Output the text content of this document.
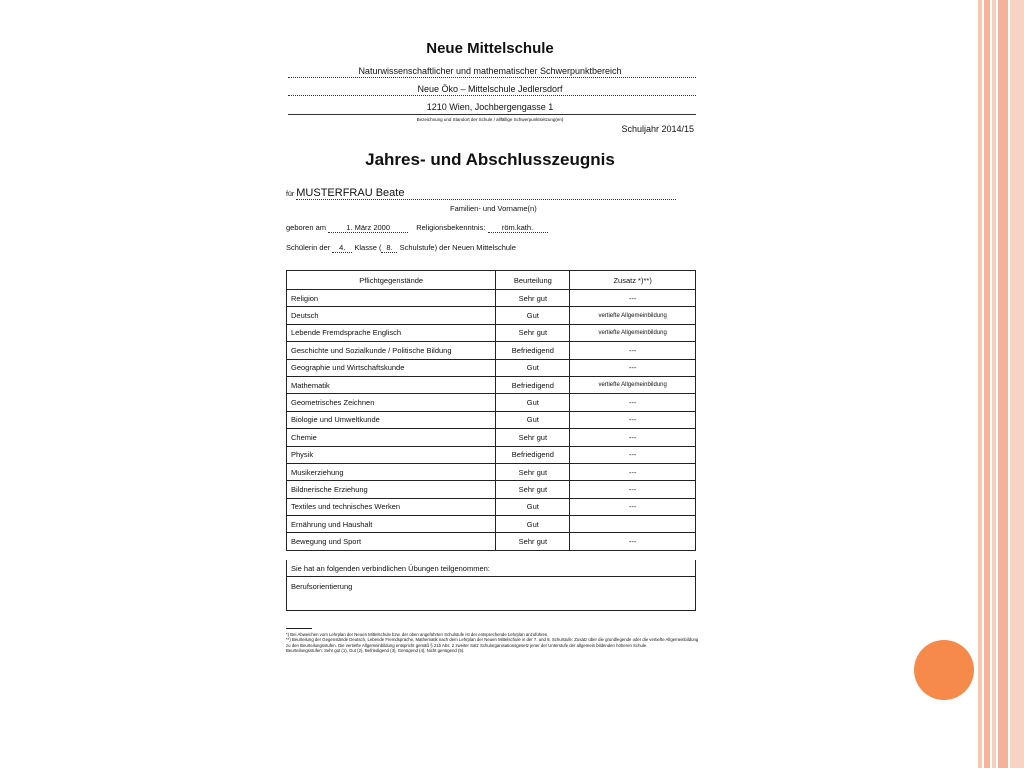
Neue Mittelschule
Naturwissenschaftlicher und mathematischer Schwerpunktbereich
Neue Öko – Mittelschule Jedlersdorf
1210 Wien, Jochbergengasse 1
Bezeichnung und Standort der Schule / allfällige Schwerpunktsetzung(en)
Schuljahr 2014/15
Jahres- und Abschlusszeugnis
für MUSTERFRAU Beate
Familien- und Vorname(n)
geboren am	1. März 2000	Religionsbekenntnis: röm.kath.
Schülerin der 4. Klasse ( 8. Schulstufe) der Neuen Mittelschule
Pflichtgegenstände	Beurteilung	Zusatz *)**)
Religion	Sehr gut	---
Deutsch	Gut	vertiefte Allgemeinbildung
Lebende Fremdsprache Englisch	Sehr gut	vertiefte Allgemeinbildung
Geschichte und Sozialkunde / Politische Bildung	Befriedigend	---
Geographie und Wirtschaftskunde	Gut	---
Mathematik	Befriedigend	vertiefte Allgemeinbildung
Geometrisches Zeichnen	Gut	---
Biologie und Umweltkunde	Gut	---
Chemie	Sehr gut	---
Physik	Befriedigend	---
Musikerziehung	Sehr gut	---
Bildnerische Erziehung	Sehr gut	---
Textiles und technisches Werken	Gut	---
Ernährung und Haushalt	Gut	
Bewegung und Sport	Sehr gut	---
Sie hat an folgenden verbindlichen Übungen teilgenommen:
Berufsorientierung
*) Bei Abweichen vom Lehrplan der Neuen Mittelschule bzw. der oben angeführten Schulstufe ist der entsprechende Lehrplan anzuführen.
**) Beurteilung der Gegenstände Deutsch, Lebende Fremdsprache, Mathematik nach dem Lehrplan der Neuen Mittelschule in der 7. und 8. Schulstufe: Zusatz über die grundlegende oder die vertiefte Allgemeinbildung zu den Beurteilungsstufen. Die vertiefte Allgemeinbildung entspricht gemäß § 21b Abs. 2 zweiter Satz Schulorganisationsgesetz jener der Unterstufe der allgemein bildenden höheren Schule.
Beurteilungsstufen: Sehr gut (1), Gut (2), Befriedigend (3), Genügend (4), Nicht genügend (5).
